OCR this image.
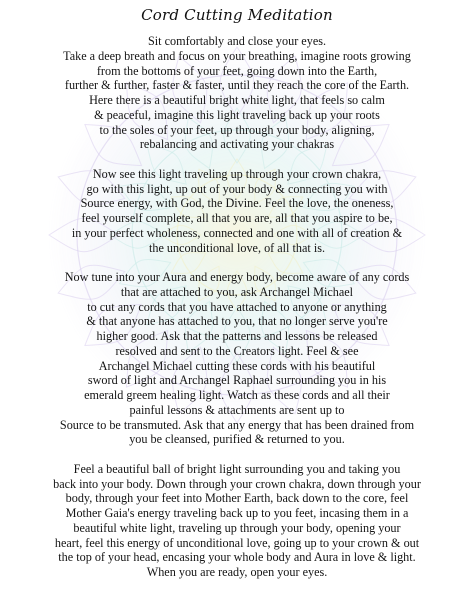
Cord Cutting Meditation
Sit comfortably and close your eyes.
Take a deep breath and focus on your breathing, imagine roots growing
from the bottoms of your feet, going down into the Earth,
further & further, faster & faster, until they reach the core of the Earth.
Here there is a beautiful bright white light, that feels so calm
& peaceful, imagine this light traveling back up your roots
to the soles of your feet, up through your body, aligning,
rebalancing and activating your chakras
Now see this light traveling up through your crown chakra,
go with this light, up out of your body & connecting you with
Source energy, with God, the Divine. Feel the love, the oneness,
feel yourself complete, all that you are, all that you aspire to be,
in your perfect wholeness, connected and one with all of creation &
the unconditional love, of all that is.
Now tune into your Aura and energy body, become aware of any cords
that are attached to you, ask Archangel Michael
to cut any cords that you have attached to anyone or anything
& that anyone has attached to you, that no longer serve you're
higher good. Ask that the patterns and lessons be released
resolved and sent to the Creators light. Feel & see
Archangel Michael cutting these cords with his beautiful
sword of light and Archangel Raphael surrounding you in his
emerald greem healing light. Watch as these cords and all their
painful lessons & attachments are sent up to
Source to be transmuted. Ask that any energy that has been drained from
you be cleansed, purified & returned to you.
Feel a beautiful ball of bright light surrounding you and taking you
back into your body. Down through your crown chakra, down through your
body, through your feet into Mother Earth, back down to the core, feel
Mother Gaia's energy traveling back up to you feet, incasing them in a
beautiful white light, traveling up through your body, opening your
heart, feel this energy of unconditional love, going up to your crown & out
the top of your head, encasing your whole body and Aura in love & light.
When you are ready, open your eyes.
